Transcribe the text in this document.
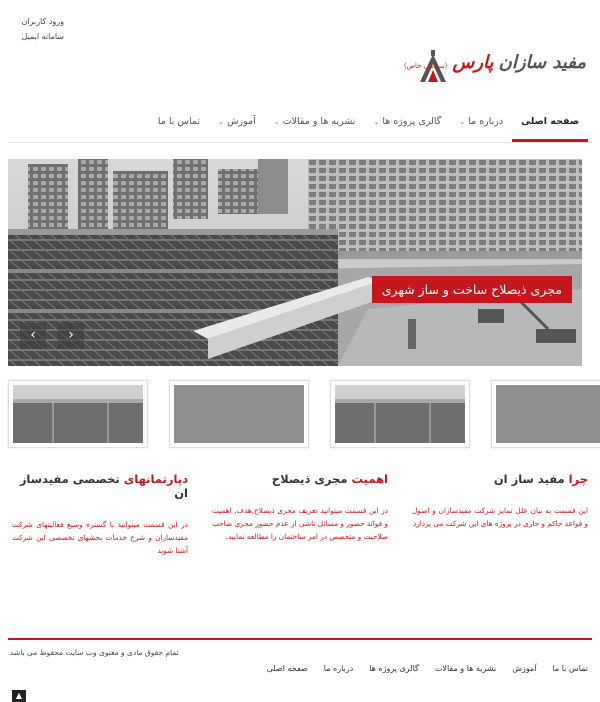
ورود کاربران
سامانه ایمیل
مفید سازان پارس (سهامی خاص)
صفحه اصلی
درباره ما⌄
گالری پروژه ها⌄
نشریه ها و مقالات⌄
آموزش⌄
تماس با ما
مجری ذیصلاح ساخت و ساز شهری
‹	›
چرا مفید ساز ان

این قسمت به بیان علل تمایز شرکت مفیدسازان و اصول و قواعد حاکم و جاری در پروژه های این شرکت می پردازد

اهمیت مجری ذیصلاح

در این قسمت میتوانید تعریف مجری ذیصلاح,هدف, اهمیت و فوائد حضور و مسائل ناشی از عدم حضور مجری صاحب صلاحیت و متخصص در امر ساختمان را مطالعه نمایید.

دپارتمانهای تخصصی مفیدساز ان

در این قسمت میتوانید با گستره وسیع فعالیتهای شرکت مفیدسازان و شرح خدمات بخشهای تخصصی این شرکت ‌آشنا شوید

تمام حقوق مادی و معنوی وب سایت محفوظ می باشد
تماس با ما
آموزش
نشریه ها و مقالات
گالری پروژه ها
درباره ما
صفحه اصلی
▲
